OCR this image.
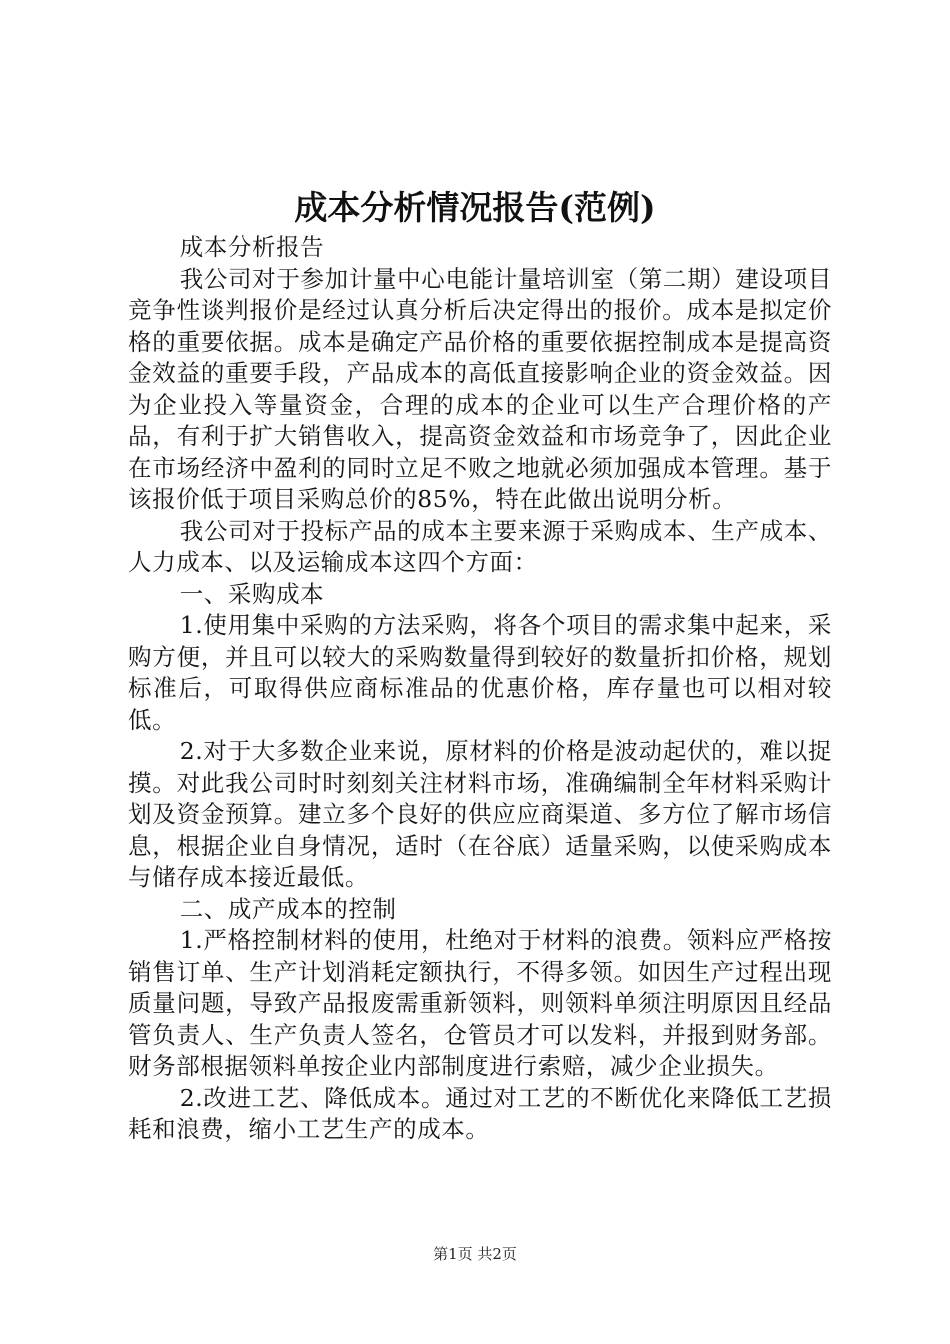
成本分析情况报告(范例)

成本分析报告

我公司对于参加计量中心电能计量培训室（第二期）建设项目竞争性谈判报价是经过认真分析后决定得出的报价。成本是拟定价格的重要依据。成本是确定产品价格的重要依据控制成本是提高资金效益的重要手段，产品成本的高低直接影响企业的资金效益。因为企业投入等量资金，合理的成本的企业可以生产合理价格的产品，有利于扩大销售收入，提高资金效益和市场竞争了，因此企业在市场经济中盈利的同时立足不败之地就必须加强成本管理。基于该报价低于项目采购总价的85%，特在此做出说明分析。

我公司对于投标产品的成本主要来源于采购成本、生产成本、人力成本、以及运输成本这四个方面：

一、采购成本

1.使用集中采购的方法采购，将各个项目的需求集中起来，采购方便，并且可以较大的采购数量得到较好的数量折扣价格，规划标准后，可取得供应商标准品的优惠价格，库存量也可以相对较低。

2.对于大多数企业来说，原材料的价格是波动起伏的，难以捉摸。对此我公司时时刻刻关注材料市场，准确编制全年材料采购计划及资金预算。建立多个良好的供应应商渠道、多方位了解市场信息，根据企业自身情况，适时（在谷底）适量采购，以使采购成本与储存成本接近最低。

二、成产成本的控制

1.严格控制材料的使用，杜绝对于材料的浪费。领料应严格按销售订单、生产计划消耗定额执行，不得多领。如因生产过程出现质量问题，导致产品报废需重新领料，则领料单须注明原因且经品管负责人、生产负责人签名，仓管员才可以发料，并报到财务部。财务部根据领料单按企业内部制度进行索赔，减少企业损失。

2.改进工艺、降低成本。通过对工艺的不断优化来降低工艺损耗和浪费，缩小工艺生产的成本。

第1页 共2页
